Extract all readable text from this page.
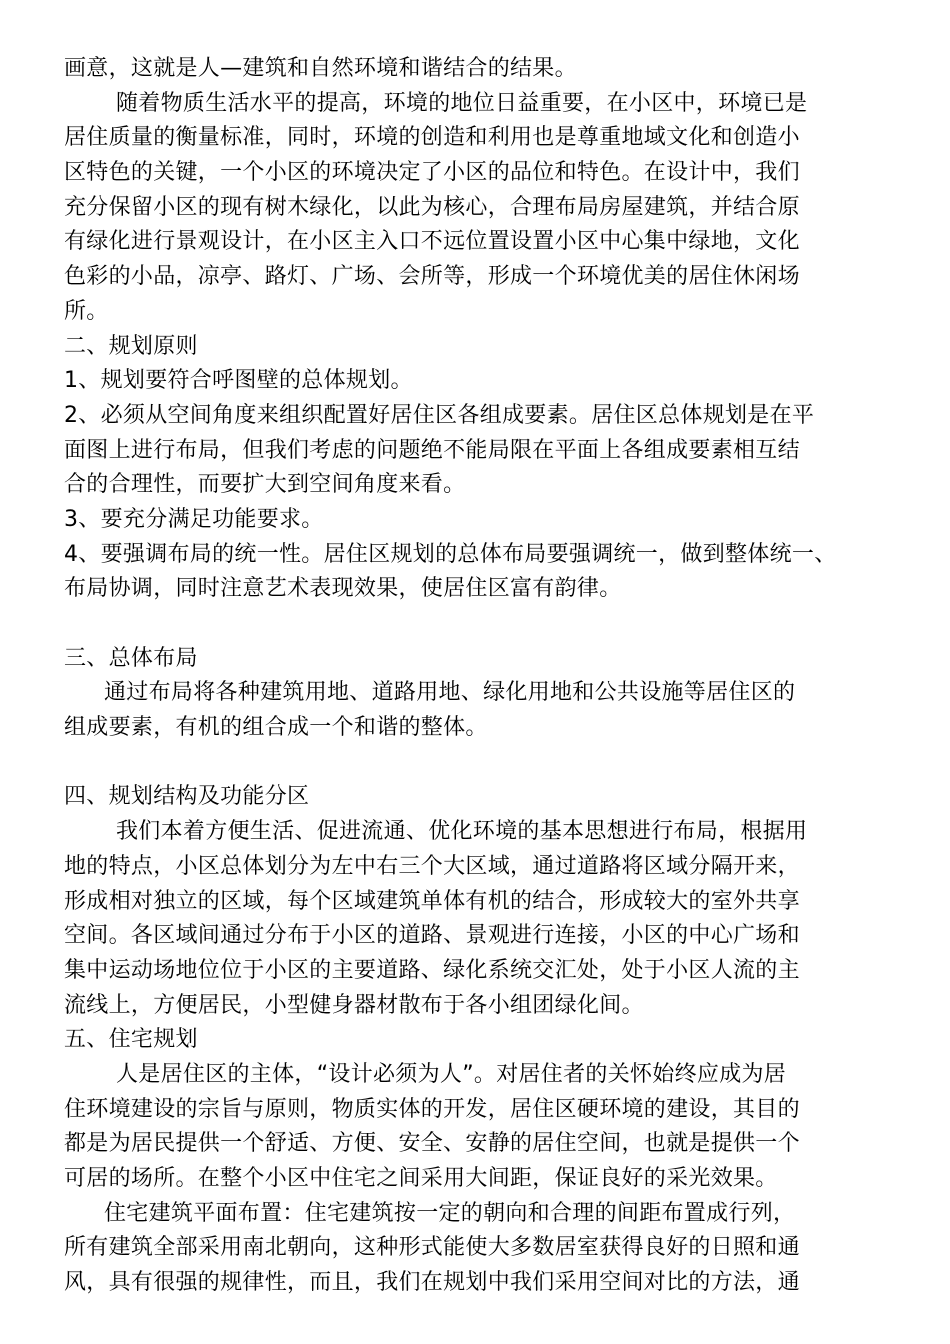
画意，这就是人—建筑和自然环境和谐结合的结果。
随着物质生活水平的提高，环境的地位日益重要，在小区中，环境已是
居住质量的衡量标准，同时，环境的创造和利用也是尊重地域文化和创造小
区特色的关键，一个小区的环境决定了小区的品位和特色。在设计中，我们
充分保留小区的现有树木绿化，以此为核心，合理布局房屋建筑，并结合原
有绿化进行景观设计，在小区主入口不远位置设置小区中心集中绿地，文化
色彩的小品，凉亭、路灯、广场、会所等，形成一个环境优美的居住休闲场
所。
二、规划原则
1、规划要符合呼图壁的总体规划。
2、必须从空间角度来组织配置好居住区各组成要素。居住区总体规划是在平
面图上进行布局，但我们考虑的问题绝不能局限在平面上各组成要素相互结
合的合理性，而要扩大到空间角度来看。
3、要充分满足功能要求。
4、要强调布局的统一性。居住区规划的总体布局要强调统一，做到整体统一、
布局协调，同时注意艺术表现效果，使居住区富有韵律。
三、总体布局
通过布局将各种建筑用地、道路用地、绿化用地和公共设施等居住区的
组成要素，有机的组合成一个和谐的整体。
四、规划结构及功能分区
我们本着方便生活、促进流通、优化环境的基本思想进行布局，根据用
地的特点，小区总体划分为左中右三个大区域，通过道路将区域分隔开来，
形成相对独立的区域，每个区域建筑单体有机的结合，形成较大的室外共享
空间。各区域间通过分布于小区的道路、景观进行连接，小区的中心广场和
集中运动场地位位于小区的主要道路、绿化系统交汇处，处于小区人流的主
流线上，方便居民，小型健身器材散布于各小组团绿化间。
五、住宅规划
人是居住区的主体，“设计必须为人”。对居住者的关怀始终应成为居
住环境建设的宗旨与原则，物质实体的开发，居住区硬环境的建设，其目的
都是为居民提供一个舒适、方便、安全、安静的居住空间，也就是提供一个
可居的场所。在整个小区中住宅之间采用大间距，保证良好的采光效果。
住宅建筑平面布置：住宅建筑按一定的朝向和合理的间距布置成行列，
所有建筑全部采用南北朝向，这种形式能使大多数居室获得良好的日照和通
风，具有很强的规律性，而且，我们在规划中我们采用空间对比的方法，通
